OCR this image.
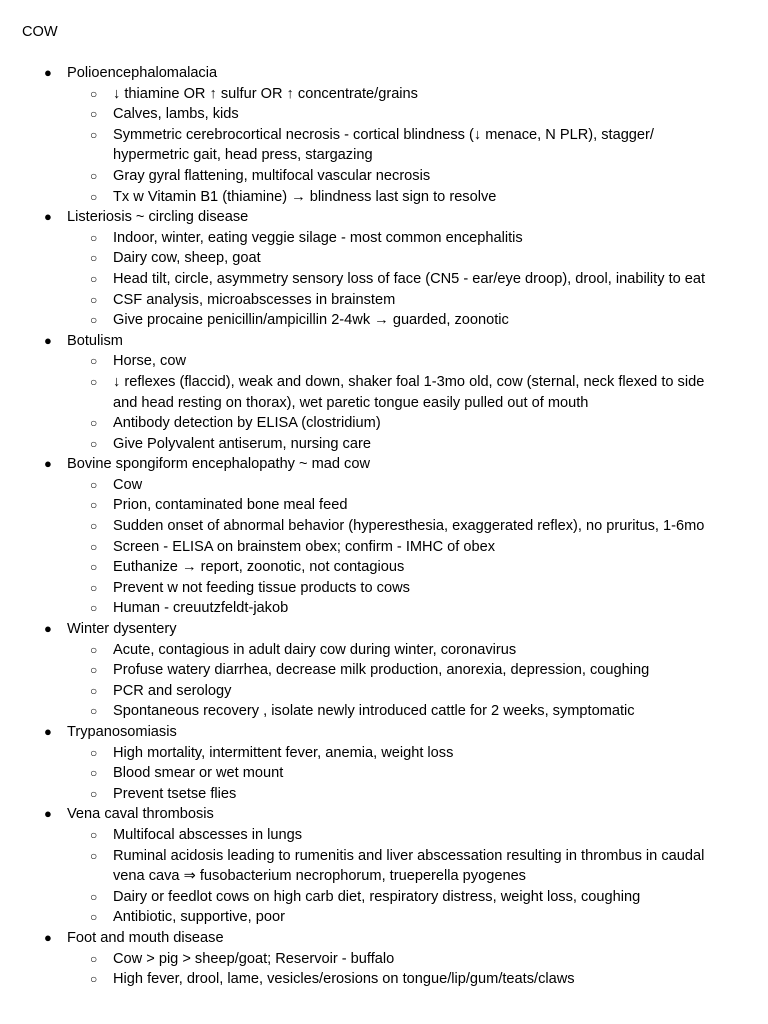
COW
● Polioencephalomalacia
○ ↓ thiamine OR ↑ sulfur OR ↑ concentrate/grains
○ Calves, lambs, kids
○ Symmetric cerebrocortical necrosis - cortical blindness (↓ menace, N PLR), stagger/ hypermetric gait, head press, stargazing
○ Gray gyral flattening, multifocal vascular necrosis
○ Tx w Vitamin B1 (thiamine) → blindness last sign to resolve
● Listeriosis ~ circling disease
○ Indoor, winter, eating veggie silage - most common encephalitis
○ Dairy cow, sheep, goat
○ Head tilt, circle, asymmetry sensory loss of face (CN5 - ear/eye droop), drool, inability to eat
○ CSF analysis, microabscesses in brainstem
○ Give procaine penicillin/ampicillin 2-4wk → guarded, zoonotic
● Botulism
○ Horse, cow
○ ↓ reflexes (flaccid), weak and down, shaker foal 1-3mo old, cow (sternal, neck flexed to side and head resting on thorax), wet paretic tongue easily pulled out of mouth
○ Antibody detection by ELISA (clostridium)
○ Give Polyvalent antiserum, nursing care
● Bovine spongiform encephalopathy ~ mad cow
○ Cow
○ Prion, contaminated bone meal feed
○ Sudden onset of abnormal behavior (hyperesthesia, exaggerated reflex), no pruritus, 1-6mo
○ Screen - ELISA on brainstem obex; confirm - IMHC of obex
○ Euthanize → report, zoonotic, not contagious
○ Prevent w not feeding tissue products to cows
○ Human - creuutzfeldt-jakob
● Winter dysentery
○ Acute, contagious in adult dairy cow during winter, coronavirus
○ Profuse watery diarrhea, decrease milk production, anorexia, depression, coughing
○ PCR and serology
○ Spontaneous recovery , isolate newly introduced cattle for 2 weeks, symptomatic
● Trypanosomiasis
○ High mortality, intermittent fever, anemia, weight loss
○ Blood smear or wet mount
○ Prevent tsetse flies
● Vena caval thrombosis
○ Multifocal abscesses in lungs
○ Ruminal acidosis leading to rumenitis and liver abscessation resulting in thrombus in caudal vena cava ⇒ fusobacterium necrophorum, trueperella pyogenes
○ Dairy or feedlot cows on high carb diet, respiratory distress, weight loss, coughing
○ Antibiotic, supportive, poor
● Foot and mouth disease
○ Cow > pig > sheep/goat; Reservoir - buffalo
○ High fever, drool, lame, vesicles/erosions on tongue/lip/gum/teats/claws
